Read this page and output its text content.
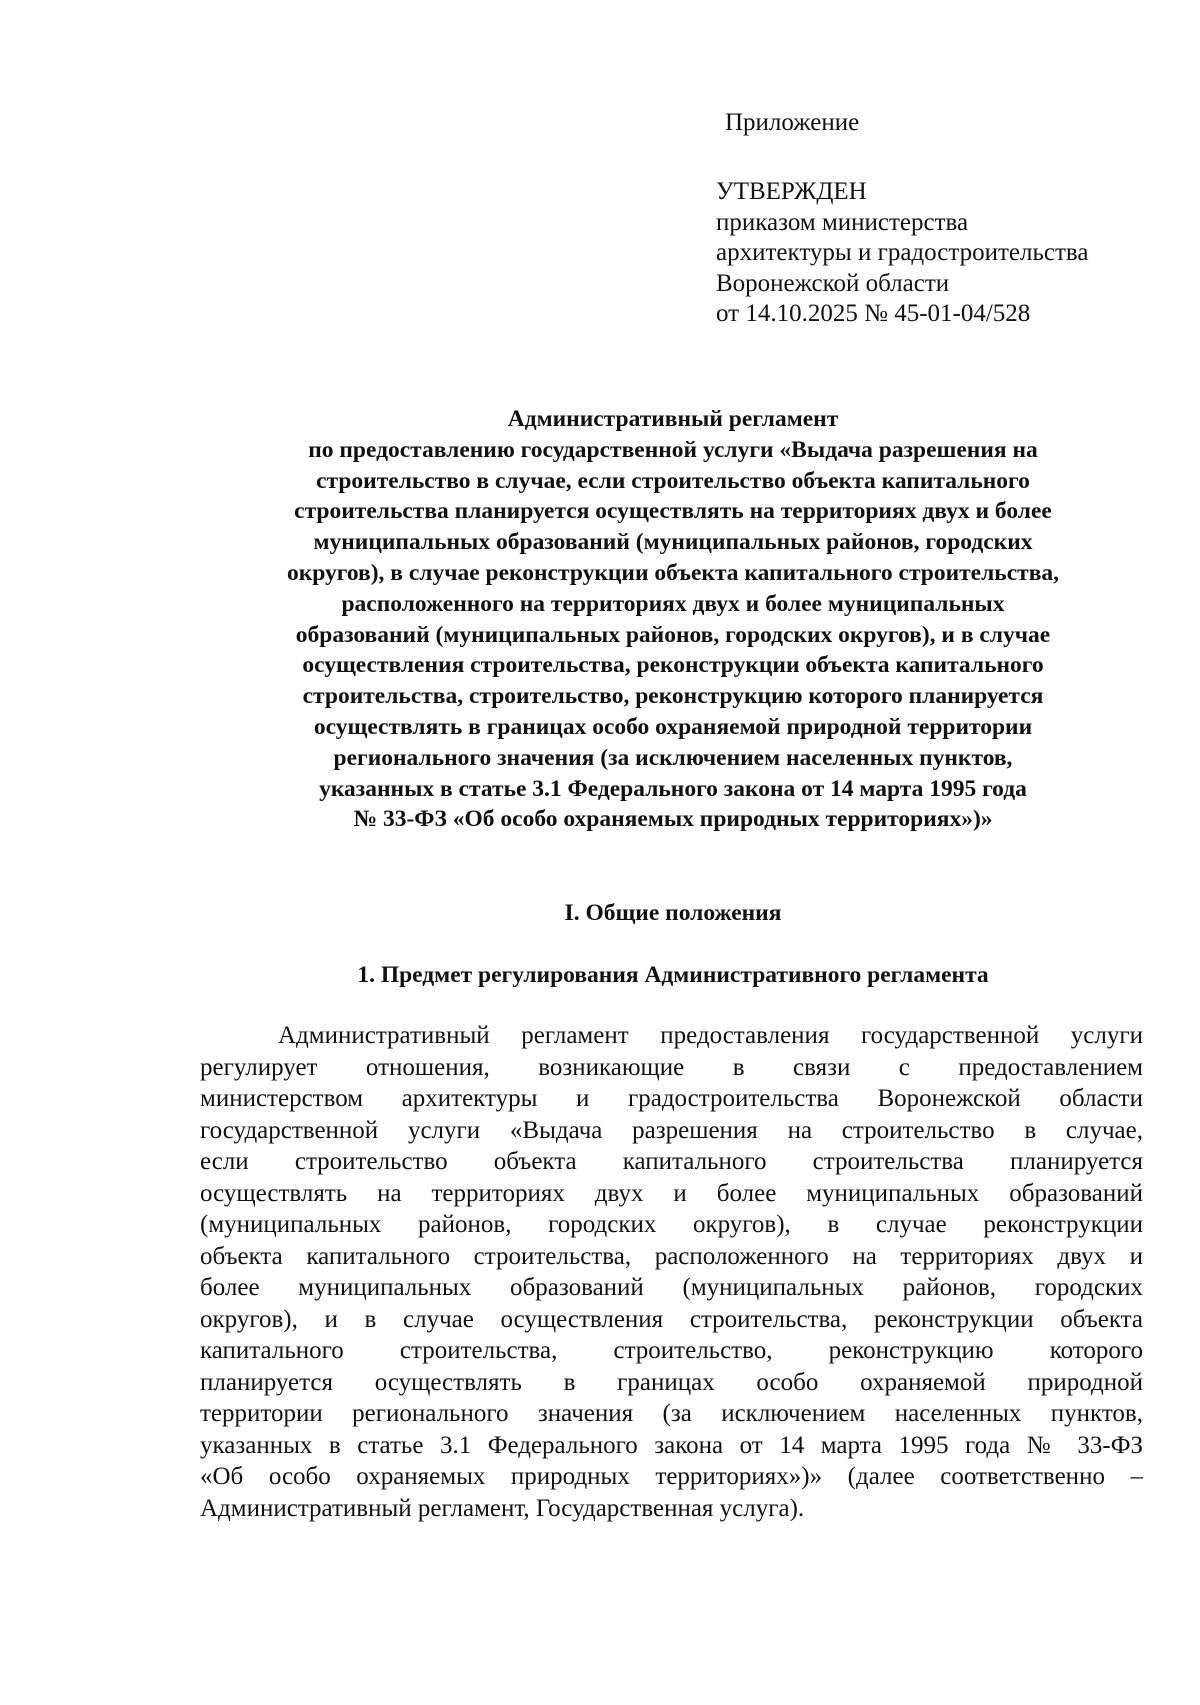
Приложение
УТВЕРЖДЕН
приказом министерства
архитектуры и градостроительства
Воронежской области
от 14.10.2025 № 45-01-04/528
Административный регламент
по предоставлению государственной услуги «Выдача разрешения на
строительство в случае, если строительство объекта капитального
строительства планируется осуществлять на территориях двух и более
муниципальных образований (муниципальных районов, городских
округов), в случае реконструкции объекта капитального строительства,
расположенного на территориях двух и более муниципальных
образований (муниципальных районов, городских округов), и в случае
осуществления строительства, реконструкции объекта капитального
строительства, строительство, реконструкцию которого планируется
осуществлять в границах особо охраняемой природной территории
регионального значения (за исключением населенных пунктов,
указанных в статье 3.1 Федерального закона от 14 марта 1995 года
№ 33-ФЗ «Об особо охраняемых природных территориях»)»
I. Общие положения
1. Предмет регулирования Административного регламента
Административный регламент предоставления государственной услуги
регулирует отношения, возникающие в связи с предоставлением
министерством архитектуры и градостроительства Воронежской области
государственной услуги «Выдача разрешения на строительство в случае,
если строительство объекта капитального строительства планируется
осуществлять на территориях двух и более муниципальных образований
(муниципальных районов, городских округов), в случае реконструкции
объекта капитального строительства, расположенного на территориях двух и
более муниципальных образований (муниципальных районов, городских
округов), и в случае осуществления строительства, реконструкции объекта
капитального строительства, строительство, реконструкцию которого
планируется осуществлять в границах особо охраняемой природной
территории регионального значения (за исключением населенных пунктов,
указанных в статье 3.1 Федерального закона от 14 марта 1995 года № 33-ФЗ
«Об особо охраняемых природных территориях»)» (далее соответственно –
Административный регламент, Государственная услуга).
